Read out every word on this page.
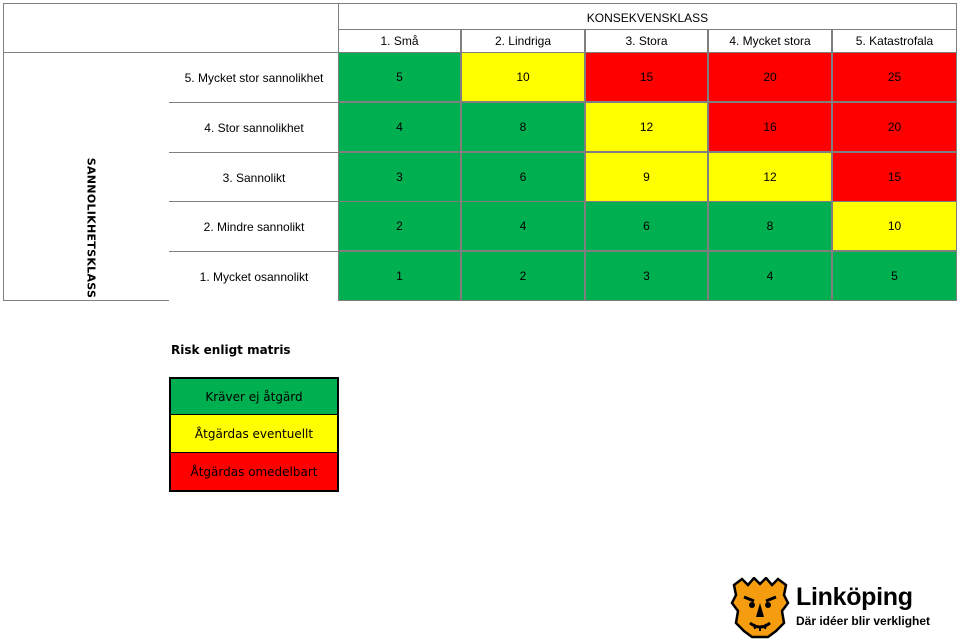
KONSEKVENSKLASS
1. Små	2. Lindriga	3. Stora	4. Mycket stora	5. Katastrofala
SANNOLIKHETSKLASS
5. Mycket stor sannolikhet	5	10	15	20	25
4. Stor sannolikhet	4	8	12	16	20
3. Sannolikt	3	6	9	12	15
2. Mindre sannolikt	2	4	6	8	10
1. Mycket osannolikt	1	2	3	4	5
Risk enligt matris
Kräver ej åtgärd
Åtgärdas eventuellt
Åtgärdas omedelbart
Linköping
Där idéer blir verklighet
